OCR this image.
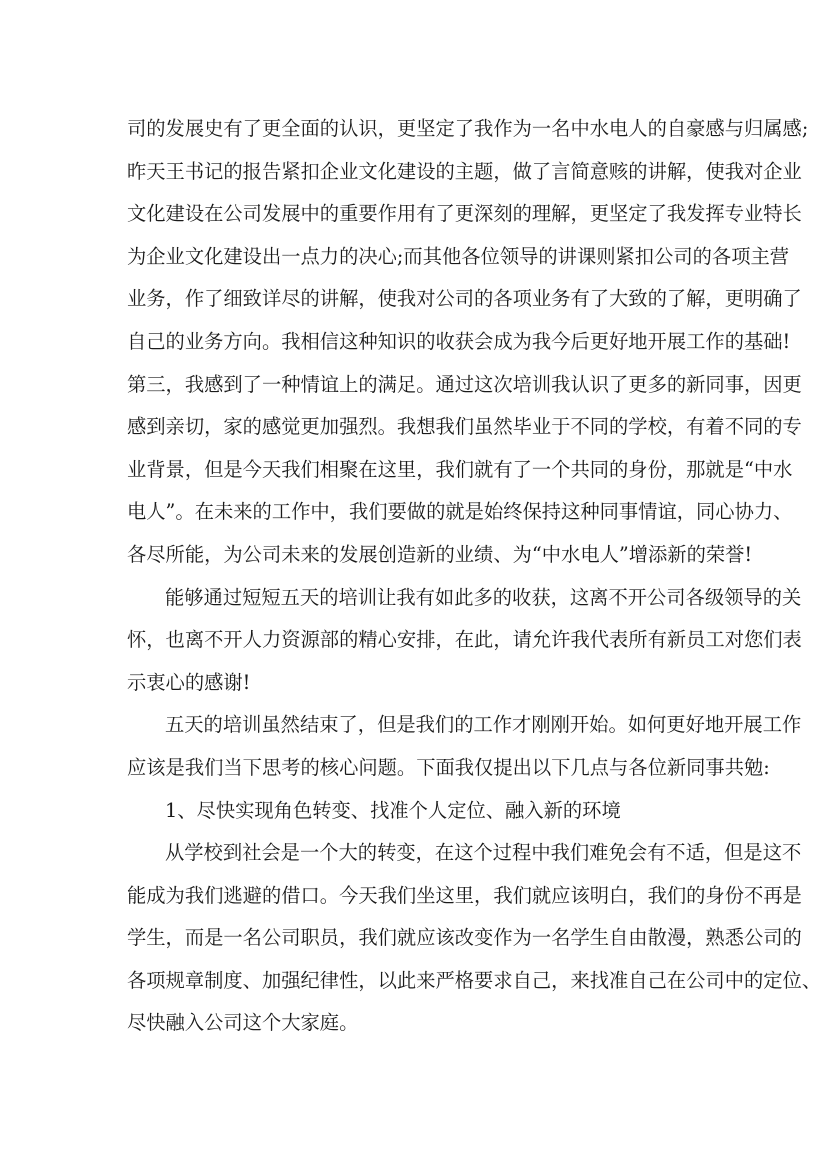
司的发展史有了更全面的认识，更坚定了我作为一名中水电人的自豪感与归属感;
昨天王书记的报告紧扣企业文化建设的主题，做了言简意赅的讲解，使我对企业
文化建设在公司发展中的重要作用有了更深刻的理解，更坚定了我发挥专业特长
为企业文化建设出一点力的决心;而其他各位领导的讲课则紧扣公司的各项主营
业务，作了细致详尽的讲解，使我对公司的各项业务有了大致的了解，更明确了
自己的业务方向。我相信这种知识的收获会成为我今后更好地开展工作的基础!
第三，我感到了一种情谊上的满足。通过这次培训我认识了更多的新同事，因更
感到亲切，家的感觉更加强烈。我想我们虽然毕业于不同的学校，有着不同的专
业背景，但是今天我们相聚在这里，我们就有了一个共同的身份，那就是“中水
电人”。在未来的工作中，我们要做的就是始终保持这种同事情谊，同心协力、
各尽所能，为公司未来的发展创造新的业绩、为“中水电人”增添新的荣誉!
能够通过短短五天的培训让我有如此多的收获，这离不开公司各级领导的关
怀，也离不开人力资源部的精心安排，在此，请允许我代表所有新员工对您们表
示衷心的感谢!
五天的培训虽然结束了，但是我们的工作才刚刚开始。如何更好地开展工作
应该是我们当下思考的核心问题。下面我仅提出以下几点与各位新同事共勉:
1、尽快实现角色转变、找准个人定位、融入新的环境
从学校到社会是一个大的转变，在这个过程中我们难免会有不适，但是这不
能成为我们逃避的借口。今天我们坐这里，我们就应该明白，我们的身份不再是
学生，而是一名公司职员，我们就应该改变作为一名学生自由散漫，熟悉公司的
各项规章制度、加强纪律性，以此来严格要求自己，来找准自己在公司中的定位、
尽快融入公司这个大家庭。
